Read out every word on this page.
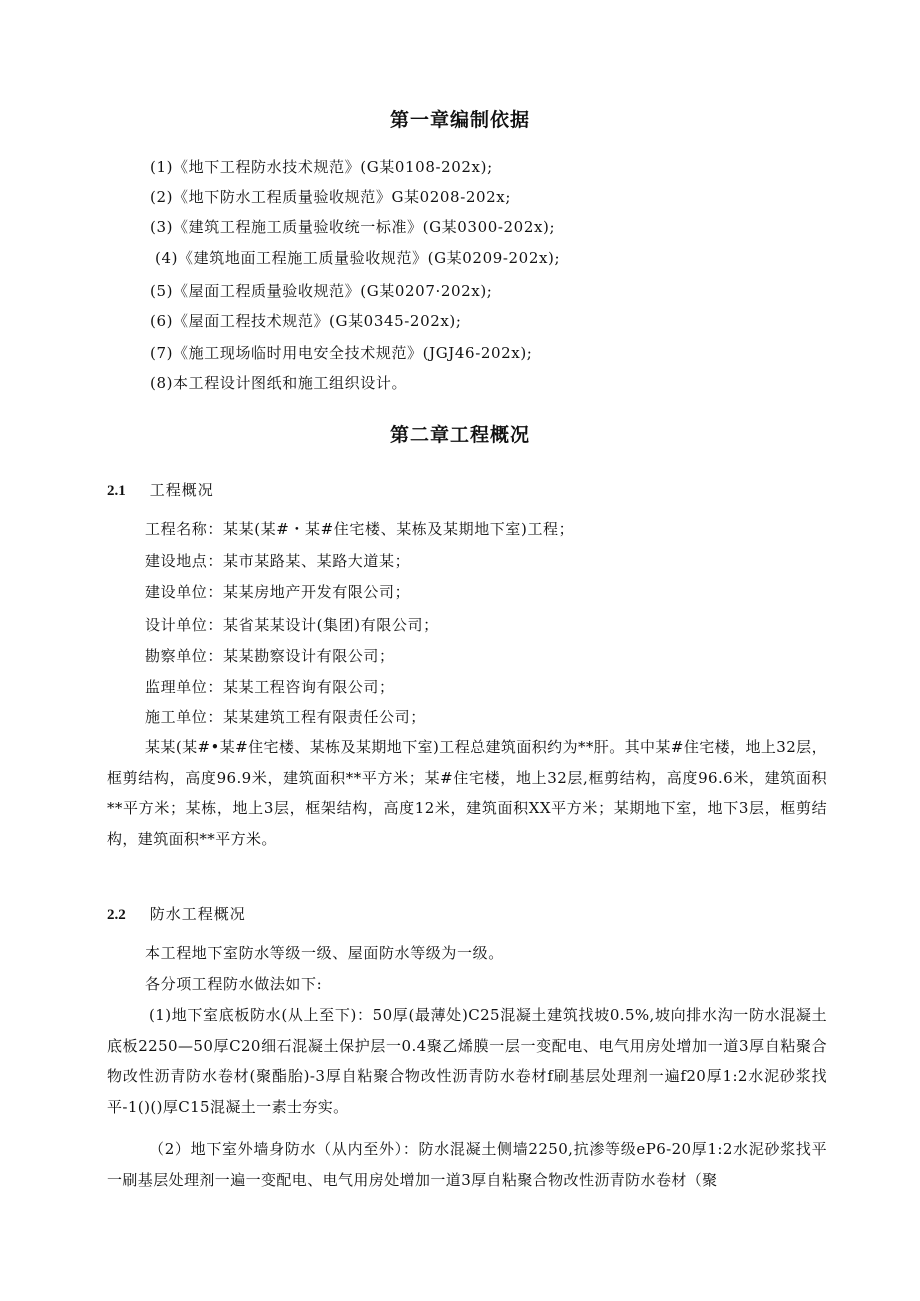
第一章编制依据
(1)《地下工程防水技术规范》(G某0108-202x);
(2)《地下防水工程质量验收规范》G某0208-202x;
(3)《建筑工程施工质量验收统一标准》(G某0300-202x);
(4)《建筑地面工程施工质量验收规范》(G某0209-202x);
(5)《屋面工程质量验收规范》(G某0207·202x);
(6)《屋面工程技术规范》(G某0345-202x);
(7)《施工现场临时用电安全技术规范》(JGJ46-202x);
(8)本工程设计图纸和施工组织设计。
第二章工程概况
2.1 工程概况
工程名称：某某(某#・某#住宅楼、某栋及某期地下室)工程；
建设地点：某市某路某、某路大道某；
建设单位：某某房地产开发有限公司；
设计单位：某省某某设计(集团)有限公司；
勘察单位：某某勘察设计有限公司；
监理单位：某某工程咨询有限公司；
施工单位：某某建筑工程有限责任公司；
某某(某#•某#住宅楼、某栋及某期地下室)工程总建筑面积约为**肝。其中某#住宅楼，地上32层，框剪结构，高度96.9米，建筑面积**平方米；某#住宅楼，地上32层,框剪结构，高度96.6米，建筑面积**平方米；某栋，地上3层，框架结构，高度12米，建筑面积XX平方米；某期地下室，地下3层，框剪结构，建筑面积**平方米。
2.2 防水工程概况
本工程地下室防水等级一级、屋面防水等级为一级。
各分项工程防水做法如下:
(1)地下室底板防水(从上至下)：50厚(最薄处)C25混凝土建筑找坡0.5%,坡向排水沟一防水混凝土底板2250—50厚C20细石混凝土保护层一0.4聚乙烯膜一层一变配电、电气用房处增加一道3厚自粘聚合物改性沥青防水卷材(聚酯胎)-3厚自粘聚合物改性沥青防水卷材f刷基层处理剂一遍f20厚1:2水泥砂浆找平-1()()厚C15混凝土一素士夯实。
（2）地下室外墙身防水（从内至外）：防水混凝土侧墙2250,抗渗等级eP6-20厚1:2水泥砂浆找平一刷基层处理剂一遍一变配电、电气用房处增加一道3厚自粘聚合物改性沥青防水卷材（聚
